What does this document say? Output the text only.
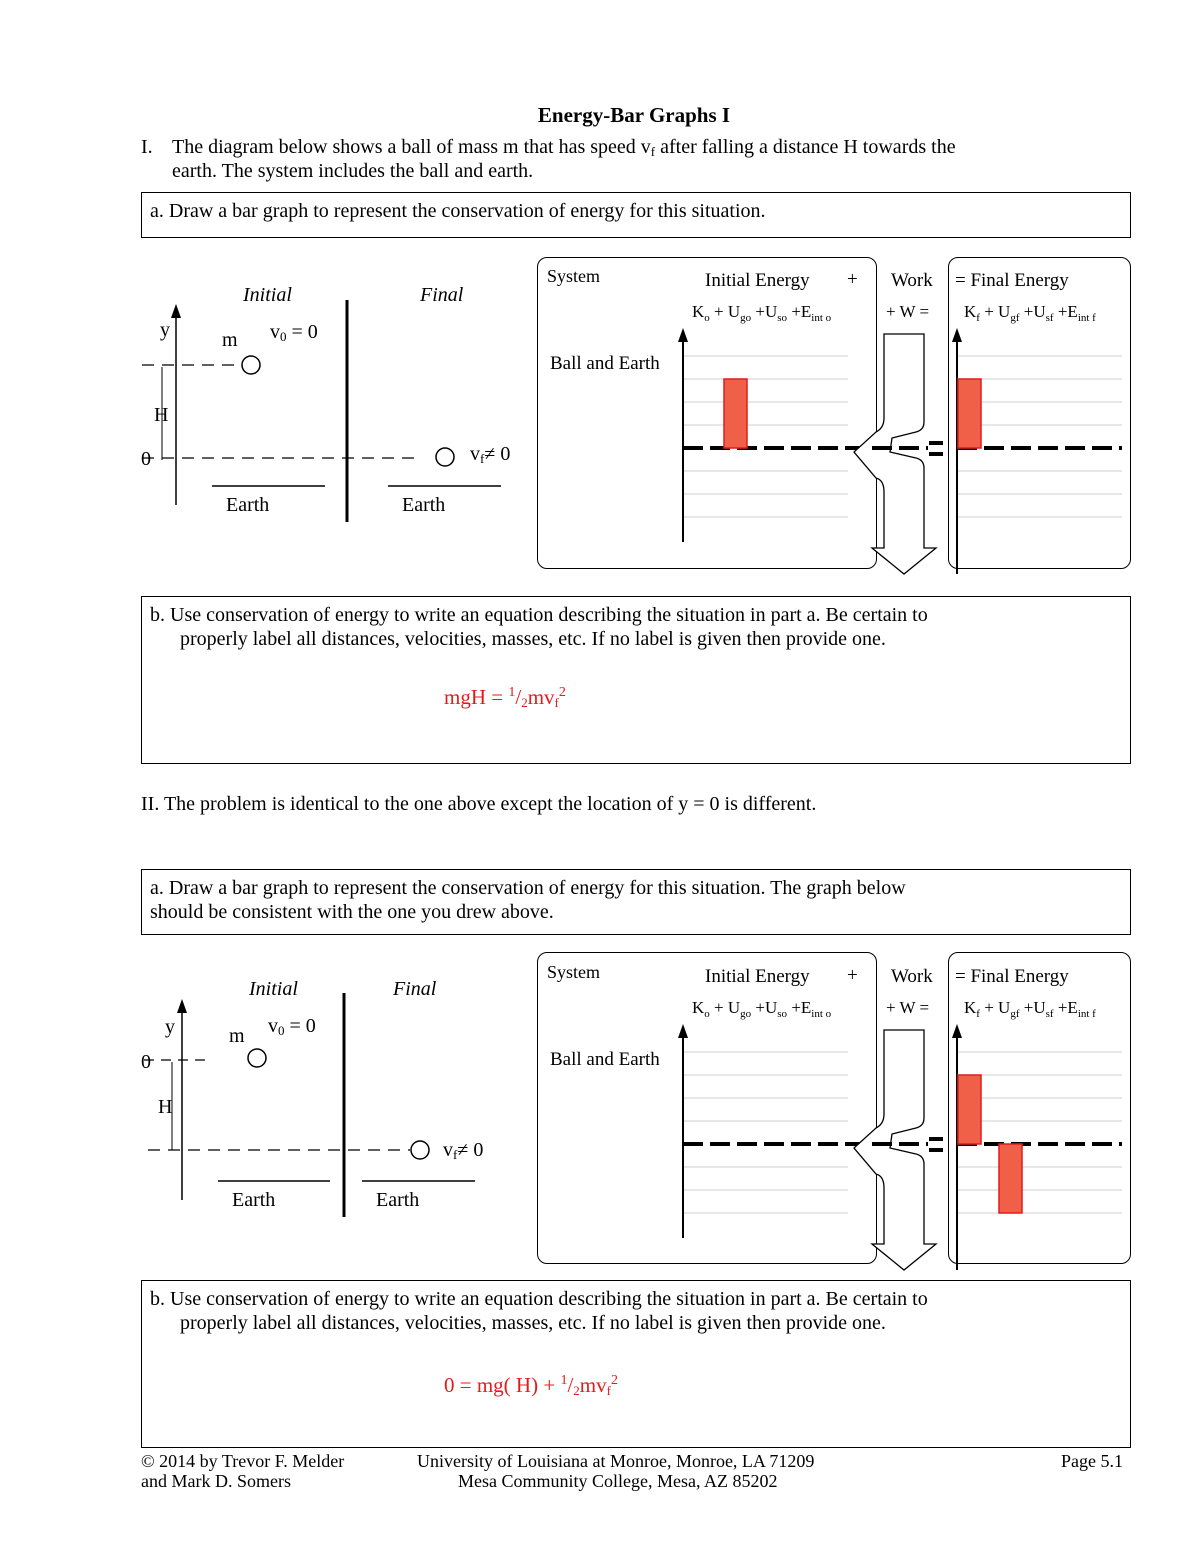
Energy-Bar Graphs I
I. The diagram below shows a ball of mass m that has speed $v_f$ after falling a distance H towards the
earth. The system includes the ball and earth.
a. Draw a bar graph to represent the conservation of energy for this situation.
Initial	Final
y	m $v_0 = 0$
H
0	$v_f\ne 0$
Earth	Earth
System	Initial Energy + Work = Final Energy
$K_o + U_{go} +U_{so} +E_{int o}$	+ $W = K_f + U_{gf} +U_{sf} +E_{int f}$
Ball and Earth
b. Use conservation of energy to write an equation describing the situation in part a. Be certain to
properly label all distances, velocities, masses, etc. If no label is given then provide one.
mgH = $^1/_2mv_f^2$
II. The problem is identical to the one above except the location of y = 0 is different.
a. Draw a bar graph to represent the conservation of energy for this situation. The graph below
should be consistent with the one you drew above.
Initial	Final
y	m $v_0 = 0$
0
H
$v_f\ne 0$
Earth	Earth
System	Initial Energy + Work = Final Energy
$K_o + U_{go} +U_{so} +E_{int o}$	+ $W = K_f + U_{gf} +U_{sf} +E_{int f}$
Ball and Earth
b. Use conservation of energy to write an equation describing the situation in part a. Be certain to
properly label all distances, velocities, masses, etc. If no label is given then provide one.
0 = mg( $H) + ^1/_2mv_f^2$
© 2014 by Trevor F. Melder
and Mark D. Somers
University of Louisiana at Monroe, Monroe, LA 71209
Mesa Community College, Mesa, AZ 85202
Page 5.1
